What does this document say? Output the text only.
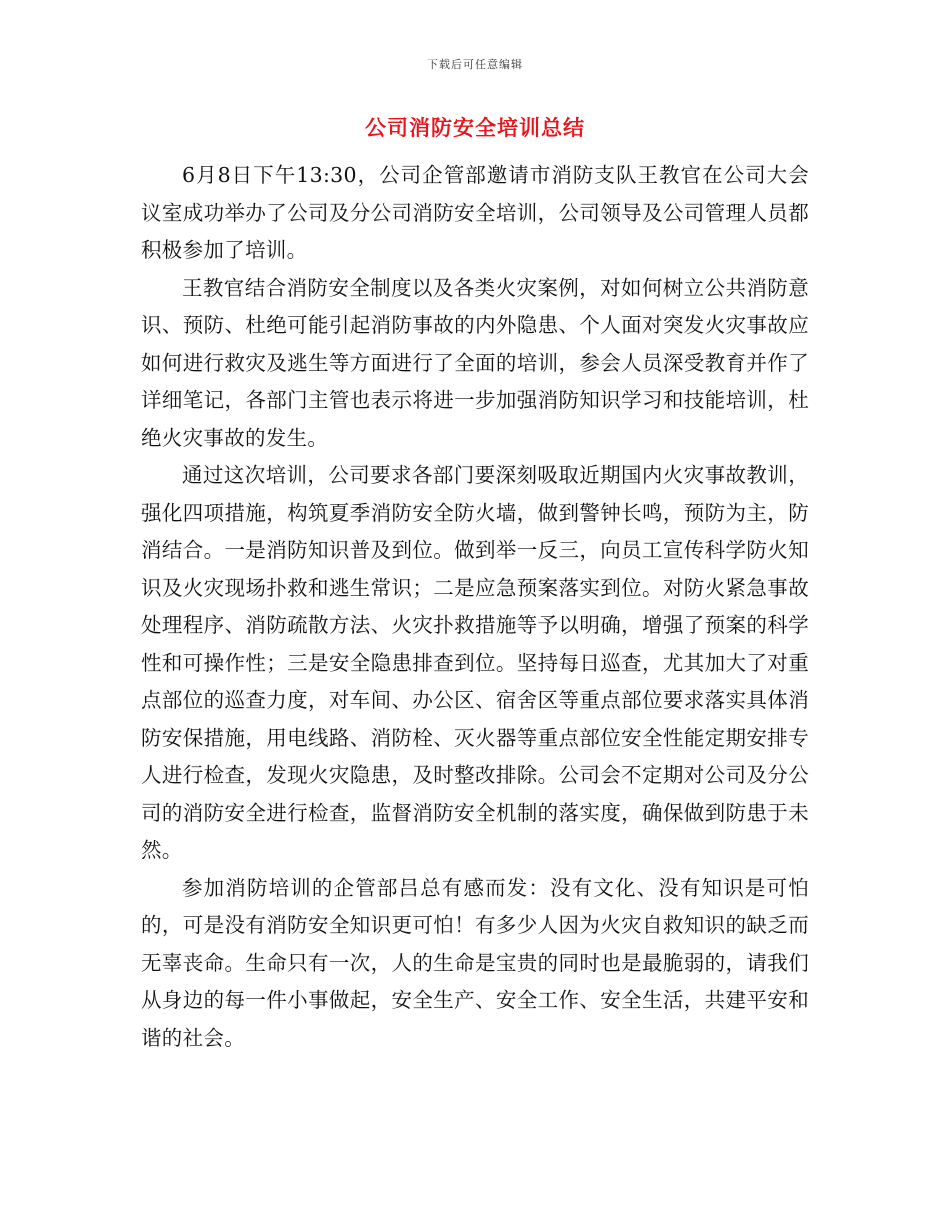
下载后可任意编辑
公司消防安全培训总结

6月8日下午13:30，公司企管部邀请市消防支队王教官在公司大会议室成功举办了公司及分公司消防安全培训，公司领导及公司管理人员都积极参加了培训。

王教官结合消防安全制度以及各类火灾案例，对如何树立公共消防意识、预防、杜绝可能引起消防事故的内外隐患、个人面对突发火灾事故应如何进行救灾及逃生等方面进行了全面的培训，参会人员深受教育并作了详细笔记，各部门主管也表示将进一步加强消防知识学习和技能培训，杜绝火灾事故的发生。

通过这次培训，公司要求各部门要深刻吸取近期国内火灾事故教训，强化四项措施，构筑夏季消防安全防火墙，做到警钟长鸣，预防为主，防消结合。一是消防知识普及到位。做到举一反三，向员工宣传科学防火知识及火灾现场扑救和逃生常识；二是应急预案落实到位。对防火紧急事故处理程序、消防疏散方法、火灾扑救措施等予以明确，增强了预案的科学性和可操作性；三是安全隐患排查到位。坚持每日巡查，尤其加大了对重点部位的巡查力度，对车间、办公区、宿舍区等重点部位要求落实具体消防安保措施，用电线路、消防栓、灭火器等重点部位安全性能定期安排专人进行检查，发现火灾隐患，及时整改排除。公司会不定期对公司及分公司的消防安全进行检查，监督消防安全机制的落实度，确保做到防患于未然。

参加消防培训的企管部吕总有感而发：没有文化、没有知识是可怕的，可是没有消防安全知识更可怕！有多少人因为火灾自救知识的缺乏而无辜丧命。生命只有一次，人的生命是宝贵的同时也是最脆弱的，请我们从身边的每一件小事做起，安全生产、安全工作、安全生活，共建平安和谐的社会。
